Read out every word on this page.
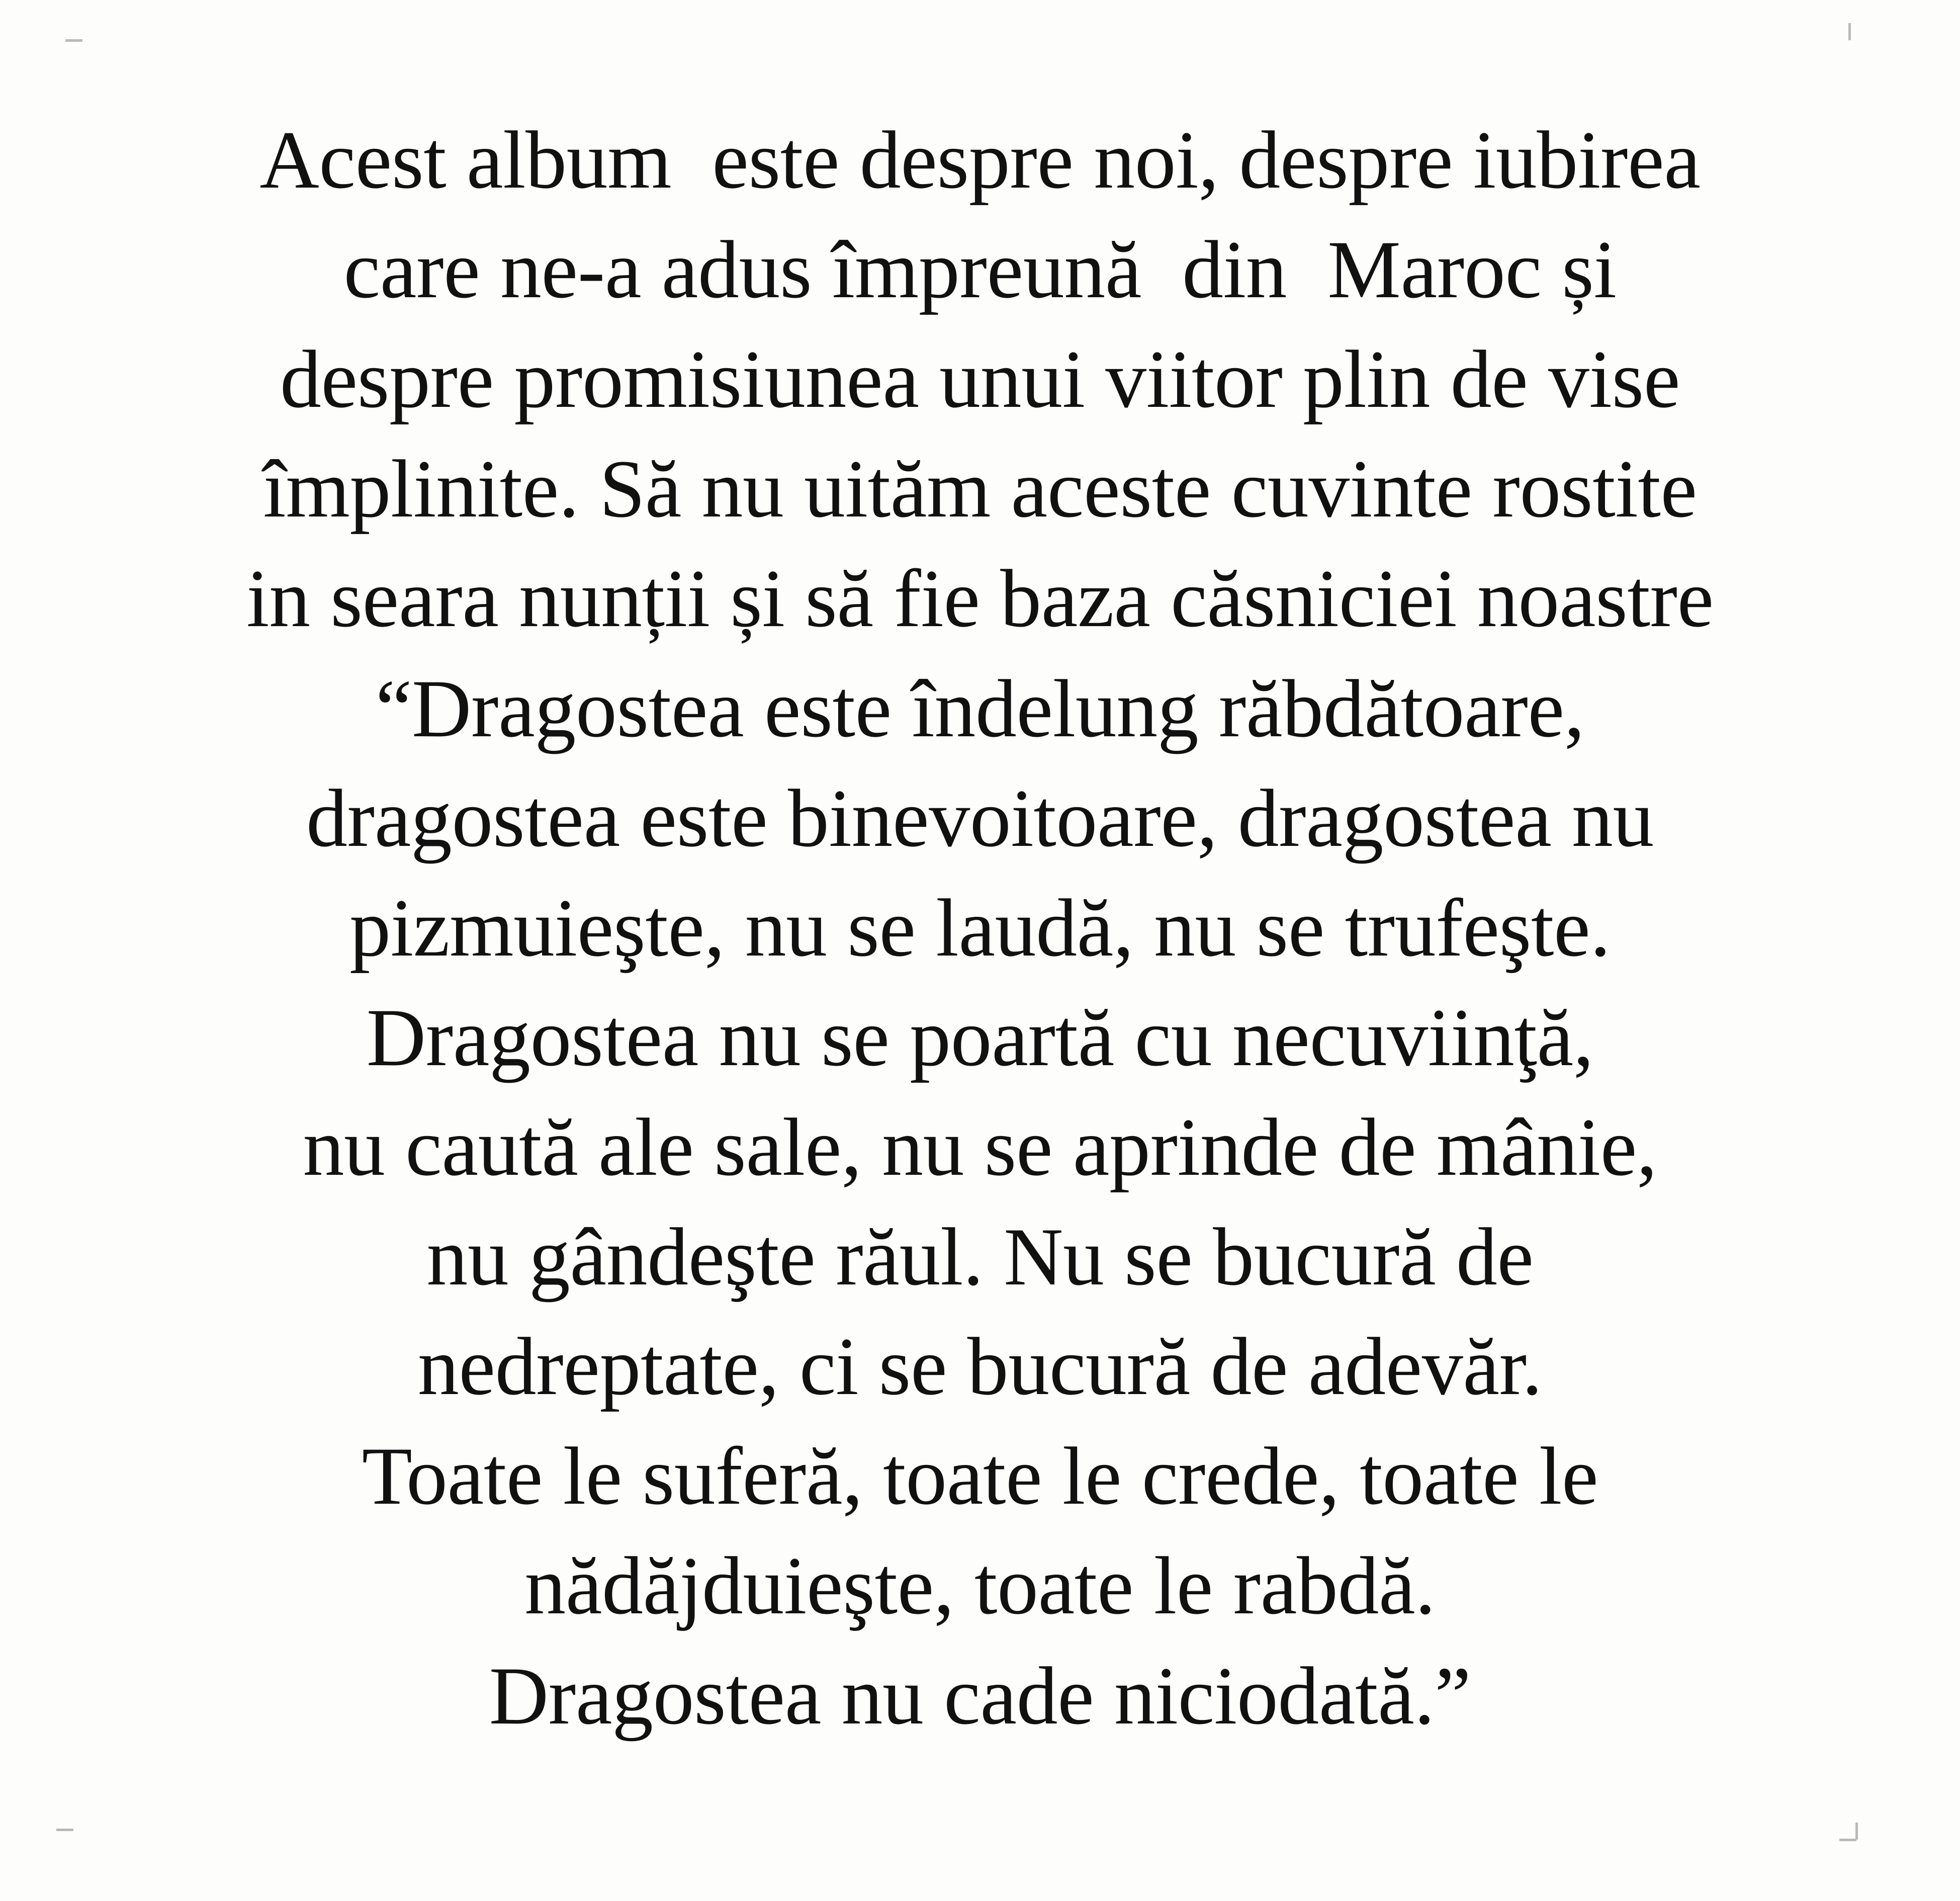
Acest album  este despre noi, despre iubirea
care ne-a adus împreună  din  Maroc și
despre promisiunea unui viitor plin de vise
împlinite. Să nu uităm aceste cuvinte rostite
in seara nunții și să fie baza căsniciei noastre
“Dragostea este îndelung răbdătoare,
dragostea este binevoitoare, dragostea nu
pizmuieşte, nu se laudă, nu se trufeşte.
Dragostea nu se poartă cu necuviinţă,
nu caută ale sale, nu se aprinde de mânie,
nu gândeşte răul. Nu se bucură de
nedreptate, ci se bucură de adevăr.
Toate le suferă, toate le crede, toate le
nădăjduieşte, toate le rabdă.
Dragostea nu cade niciodată.”
